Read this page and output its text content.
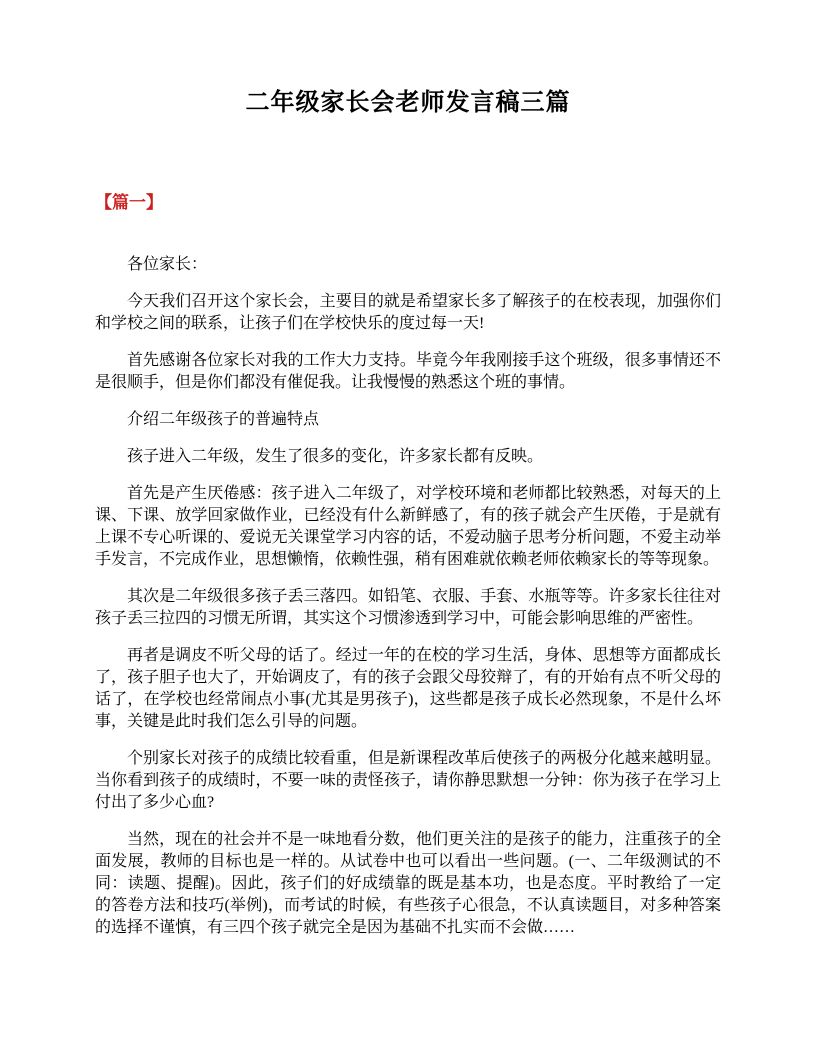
二年级家长会老师发言稿三篇
【篇一】

各位家长：

今天我们召开这个家长会，主要目的就是希望家长多了解孩子的在校表现，加强你们和学校之间的联系，让孩子们在学校快乐的度过每一天!

首先感谢各位家长对我的工作大力支持。毕竟今年我刚接手这个班级，很多事情还不是很顺手，但是你们都没有催促我。让我慢慢的熟悉这个班的事情。

介绍二年级孩子的普遍特点

孩子进入二年级，发生了很多的变化，许多家长都有反映。

首先是产生厌倦感：孩子进入二年级了，对学校环境和老师都比较熟悉，对每天的上课、下课、放学回家做作业，已经没有什么新鲜感了，有的孩子就会产生厌倦，于是就有上课不专心听课的、爱说无关课堂学习内容的话，不爱动脑子思考分析问题，不爱主动举手发言，不完成作业，思想懒惰，依赖性强，稍有困难就依赖老师依赖家长的等等现象。

其次是二年级很多孩子丢三落四。如铅笔、衣服、手套、水瓶等等。许多家长往往对孩子丢三拉四的习惯无所谓，其实这个习惯渗透到学习中，可能会影响思维的严密性。

再者是调皮不听父母的话了。经过一年的在校的学习生活，身体、思想等方面都成长了，孩子胆子也大了，开始调皮了，有的孩子会跟父母狡辩了，有的开始有点不听父母的话了，在学校也经常闹点小事(尤其是男孩子)，这些都是孩子成长必然现象，不是什么坏事，关键是此时我们怎么引导的问题。

个别家长对孩子的成绩比较看重，但是新课程改革后使孩子的两极分化越来越明显。当你看到孩子的成绩时，不要一味的责怪孩子，请你静思默想一分钟：你为孩子在学习上付出了多少心血?

当然，现在的社会并不是一味地看分数，他们更关注的是孩子的能力，注重孩子的全面发展，教师的目标也是一样的。从试卷中也可以看出一些问题。(一、二年级测试的不同：读题、提醒)。因此，孩子们的好成绩靠的既是基本功，也是态度。平时教给了一定的答卷方法和技巧(举例)，而考试的时候，有些孩子心很急，不认真读题目，对多种答案的选择不谨慎，有三四个孩子就完全是因为基础不扎实而不会做……
